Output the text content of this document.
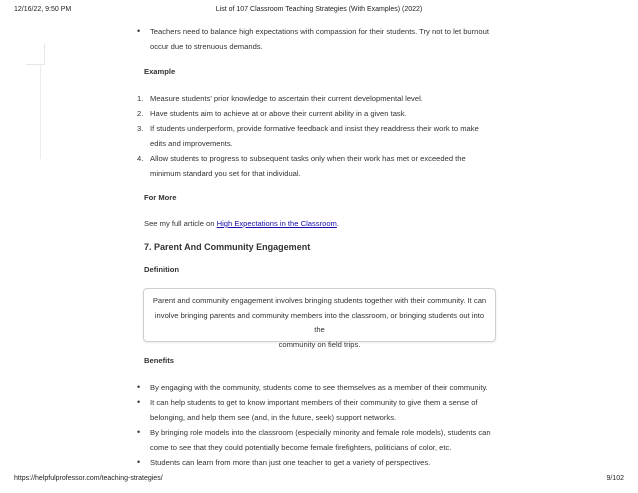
12/16/22, 9:50 PM	List of 107 Classroom Teaching Strategies (With Examples) (2022)
• Teachers need to balance high expectations with compassion for their students. Try not to let burnout
occur due to strenuous demands.
Example
1. Measure students' prior knowledge to ascertain their current developmental level.
2. Have students aim to achieve at or above their current ability in a given task.
3. If students underperform, provide formative feedback and insist they readdress their work to make
edits and improvements.
4. Allow students to progress to subsequent tasks only when their work has met or exceeded the
minimum standard you set for that individual.
For More
See my full article on High Expectations in the Classroom.
7. Parent And Community Engagement
Definition
Parent and community engagement involves bringing students together with their community. It can
involve bringing parents and community members into the classroom, or bringing students out into the
community on field trips.
Benefits
• By engaging with the community, students come to see themselves as a member of their community.
• It can help students to get to know important members of their community to give them a sense of
belonging, and help them see (and, in the future, seek) support networks.
• By bringing role models into the classroom (especially minority and female role models), students can
come to see that they could potentially become female firefighters, politicians of color, etc.
• Students can learn from more than just one teacher to get a variety of perspectives.
https://helpfulprofessor.com/teaching-strategies/	9/102
